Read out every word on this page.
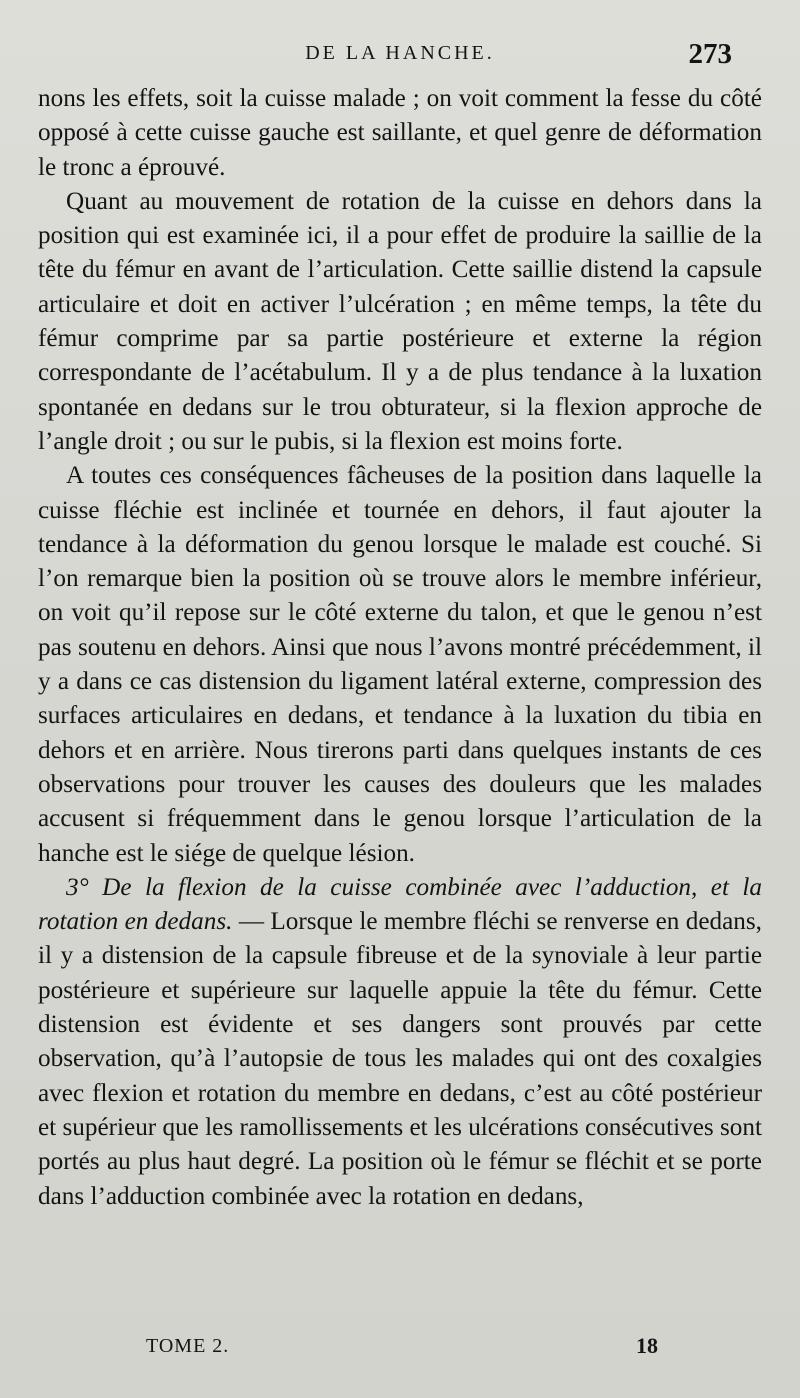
DE LA HANCHE.	273

nons les effets, soit la cuisse malade ; on voit comment la fesse du côté opposé à cette cuisse gauche est saillante, et quel genre de déformation le tronc a éprouvé.

Quant au mouvement de rotation de la cuisse en dehors dans la position qui est examinée ici, il a pour effet de produire la saillie de la tête du fémur en avant de l’articulation. Cette saillie distend la capsule articulaire et doit en activer l’ulcération ; en même temps, la tête du fémur comprime par sa partie postérieure et externe la région correspondante de l’acétabulum. Il y a de plus tendance à la luxation spontanée en dedans sur le trou obturateur, si la flexion approche de l’angle droit ; ou sur le pubis, si la flexion est moins forte.

A toutes ces conséquences fâcheuses de la position dans laquelle la cuisse fléchie est inclinée et tournée en dehors, il faut ajouter la tendance à la déformation du genou lorsque le malade est couché. Si l’on remarque bien la position où se trouve alors le membre inférieur, on voit qu’il repose sur le côté externe du talon, et que le genou n’est pas soutenu en dehors. Ainsi que nous l’avons montré précédemment, il y a dans ce cas distension du ligament latéral externe, compression des surfaces articulaires en dedans, et tendance à la luxation du tibia en dehors et en arrière. Nous tirerons parti dans quelques instants de ces observations pour trouver les causes des douleurs que les malades accusent si fréquemment dans le genou lorsque l’articulation de la hanche est le siége de quelque lésion.

3° De la flexion de la cuisse combinée avec l’adduction, et la rotation en dedans. — Lorsque le membre fléchi se renverse en dedans, il y a distension de la capsule fibreuse et de la synoviale à leur partie postérieure et supérieure sur laquelle appuie la tête du fémur. Cette distension est évidente et ses dangers sont prouvés par cette observation, qu’à l’autopsie de tous les malades qui ont des coxalgies avec flexion et rotation du membre en dedans, c’est au côté postérieur et supérieur que les ramollissements et les ulcérations consécutives sont portés au plus haut degré. La position où le fémur se fléchit et se porte dans l’adduction combinée avec la rotation en dedans,

TOME 2.	18
